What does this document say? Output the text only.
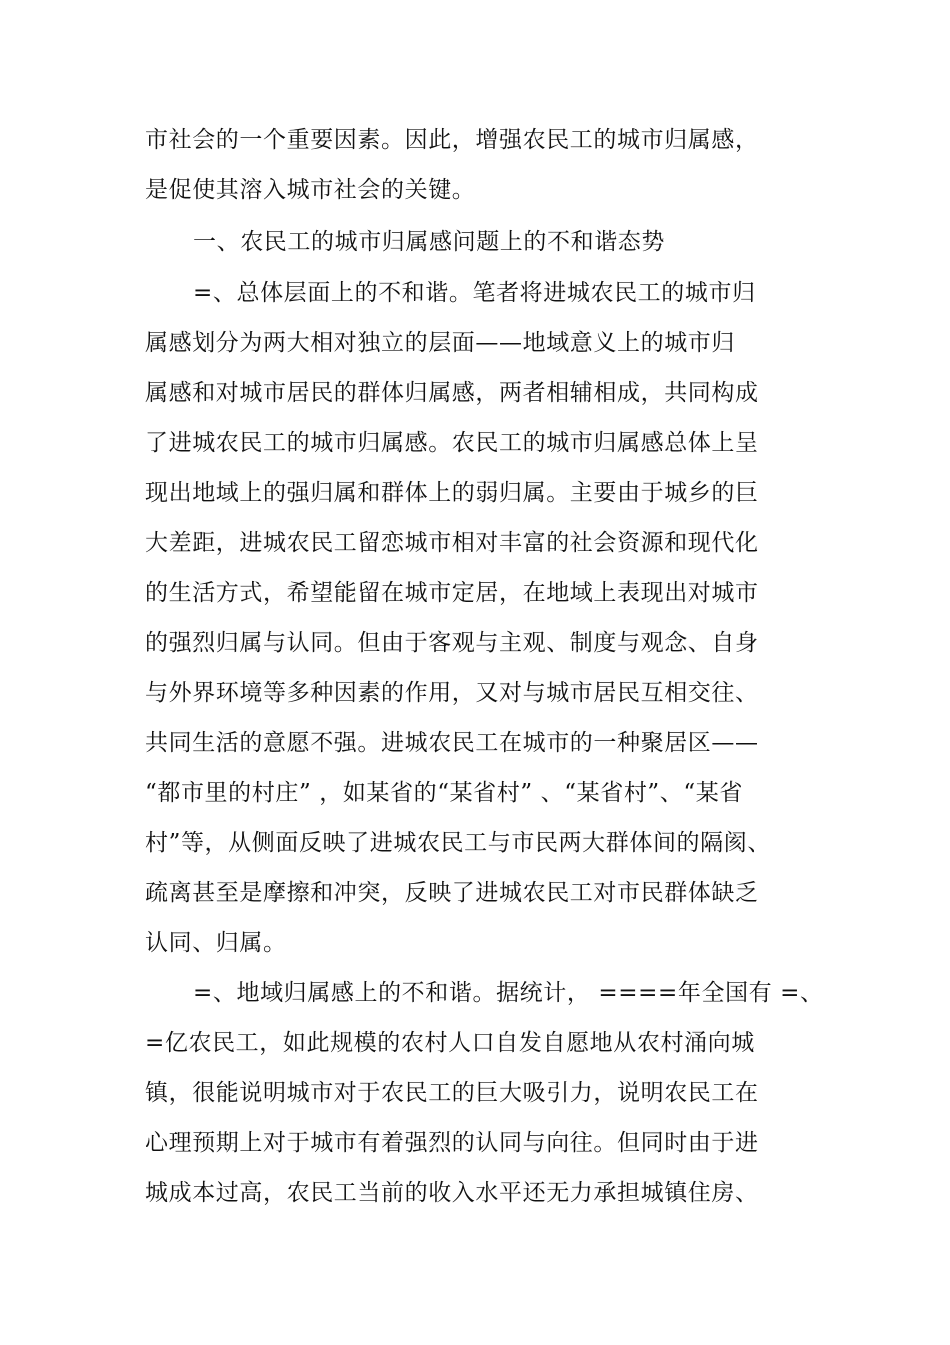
市社会的一个重要因素。因此，增强农民工的城市归属感，
是促使其溶入城市社会的关键。
一、农民工的城市归属感问题上的不和谐态势
=、总体层面上的不和谐。笔者将进城农民工的城市归
属感划分为两大相对独立的层面——地域意义上的城市归
属感和对城市居民的群体归属感，两者相辅相成，共同构成
了进城农民工的城市归属感。农民工的城市归属感总体上呈
现出地域上的强归属和群体上的弱归属。主要由于城乡的巨
大差距，进城农民工留恋城市相对丰富的社会资源和现代化
的生活方式，希望能留在城市定居，在地域上表现出对城市
的强烈归属与认同。但由于客观与主观、制度与观念、自身
与外界环境等多种因素的作用，又对与城市居民互相交往、
共同生活的意愿不强。进城农民工在城市的一种聚居区——
“都市里的村庄” ，如某省的“某省村” 、“某省村”、“某省
村”等，从侧面反映了进城农民工与市民两大群体间的隔阂、
疏离甚至是摩擦和冲突，反映了进城农民工对市民群体缺乏
认同、归属。
=、地域归属感上的不和谐。据统计， ====年全国有 =、
=亿农民工，如此规模的农村人口自发自愿地从农村涌向城
镇，很能说明城市对于农民工的巨大吸引力，说明农民工在
心理预期上对于城市有着强烈的认同与向往。但同时由于进
城成本过高，农民工当前的收入水平还无力承担城镇住房、
